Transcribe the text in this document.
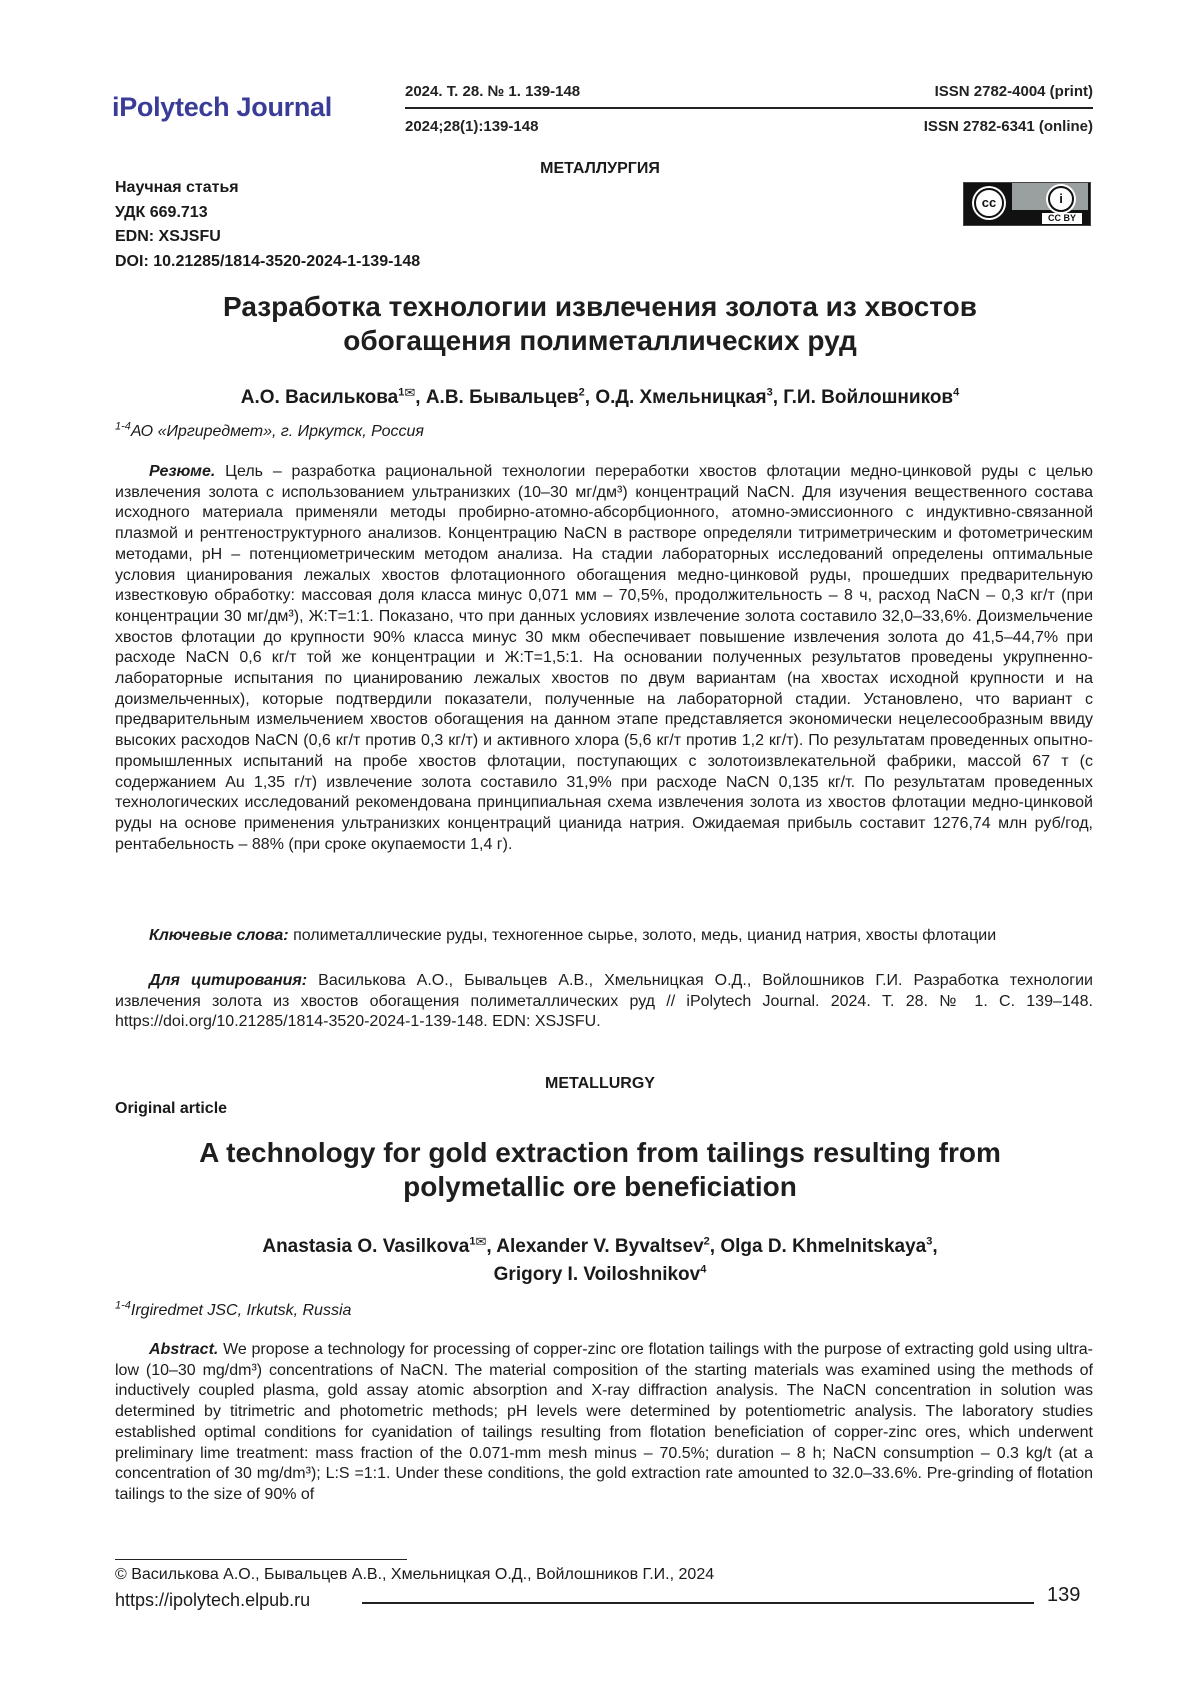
iPolytech Journal
2024. Т. 28. № 1. 139-148	ISSN 2782-4004 (print)
2024;28(1):139-148	ISSN 2782-6341 (online)
МЕТАЛЛУРГИЯ
Научная статья
УДК 669.713
EDN: XSJSFU
DOI: 10.21285/1814-3520-2024-1-139-148
cc	i
CC BY
Разработка технологии извлечения золота из хвостов
обогащения полиметаллических руд
А.О. Василькова$^{1✉}$, А.В. Бывальцев$^2$, О.Д. Хмельницкая$^3$, Г.И. Войлошников$^4$
$^{1-4}$АО «Иргиредмет», г. Иркутск, Россия

Резюме. Цель – разработка рациональной технологии переработки хвостов флотации медно-цинковой руды с целью извлечения золота с использованием ультранизких (10–30 мг/дм³) концентраций NaCN. Для изучения вещественного состава исходного материала применяли методы пробирно-атомно-абсорбционного, атомно-эмиссионного с индуктивно-связанной плазмой и рентгеноструктурного анализов. Концентрацию NaCN в растворе определяли титриметрическим и фотометрическим методами, pH – потенциометрическим методом анализа. На стадии лабораторных исследований определены оптимальные условия цианирования лежалых хвостов флотационного обогащения медно-цинковой руды, прошедших предварительную известковую обработку: массовая доля класса минус 0,071 мм – 70,5%, продолжительность – 8 ч, расход NaCN – 0,3 кг/т (при концентрации 30 мг/дм³), Ж:Т=1:1. Показано, что при данных условиях извлечение золота составило 32,0–33,6%. Доизмельчение хвостов флотации до крупности 90% класса минус 30 мкм обеспечивает повышение извлечения золота до 41,5–44,7% при расходе NaCN 0,6 кг/т той же концентрации и Ж:Т=1,5:1. На основании полученных результатов проведены укрупненно-лабораторные испытания по цианированию лежалых хвостов по двум вариантам (на хвостах исходной крупности и на доизмельченных), которые подтвердили показатели, полученные на лабораторной стадии. Установлено, что вариант с предварительным измельчением хвостов обогащения на данном этапе представляется экономически нецелесообразным ввиду высоких расходов NaCN (0,6 кг/т против 0,3 кг/т) и активного хлора (5,6 кг/т против 1,2 кг/т). По результатам проведенных опытно-промышленных испытаний на пробе хвостов флотации, поступающих с золотоизвлекательной фабрики, массой 67 т (с содержанием Au 1,35 г/т) извлечение золота составило 31,9% при расходе NaCN 0,135 кг/т. По результатам проведенных технологических исследований рекомендована принципиальная схема извлечения золота из хвостов флотации медно-цинковой руды на основе применения ультранизких концентраций цианида натрия. Ожидаемая прибыль составит 1276,74 млн руб/год, рентабельность – 88% (при сроке окупаемости 1,4 г).

Ключевые слова: полиметаллические руды, техногенное сырье, золото, медь, цианид натрия, хвосты флотации

Для цитирования: Василькова А.О., Бывальцев А.В., Хмельницкая О.Д., Войлошников Г.И. Разработка технологии извлечения золота из хвостов обогащения полиметаллических руд // iPolytech Journal. 2024. Т. 28. № 1. С. 139–148. https://doi.org/10.21285/1814-3520-2024-1-139-148. EDN: XSJSFU.

METALLURGY
Original article
A technology for gold extraction from tailings resulting from
polymetallic ore beneficiation
Anastasia O. Vasilkova$^{1✉}$, Alexander V. Byvaltsev$^2$, Olga D. Khmelnitskaya$^3$,
Grigory I. Voiloshnikov$^4$
$^{1-4}$Irgiredmet JSC, Irkutsk, Russia

Abstract. We propose a technology for processing of copper-zinc ore flotation tailings with the purpose of extracting gold using ultra-low (10–30 mg/dm³) concentrations of NaCN. The material composition of the starting materials was examined using the methods of inductively coupled plasma, gold assay atomic absorption and X-ray diffraction analysis. The NaCN concentration in solution was determined by titrimetric and photometric methods; pH levels were determined by potentiometric analysis. The laboratory studies established optimal conditions for cyanidation of tailings resulting from flotation beneficiation of copper-zinc ores, which underwent preliminary lime treatment: mass fraction of the 0.071-mm mesh minus – 70.5%; duration – 8 h; NaCN consumption – 0.3 kg/t (at a concentration of 30 mg/dm³); L:S =1:1. Under these conditions, the gold extraction rate amounted to 32.0–33.6%. Pre-grinding of flotation tailings to the size of 90% of

© Василькова А.О., Бывальцев А.В., Хмельницкая О.Д., Войлошников Г.И., 2024
https://ipolytech.elpub.ru	139
